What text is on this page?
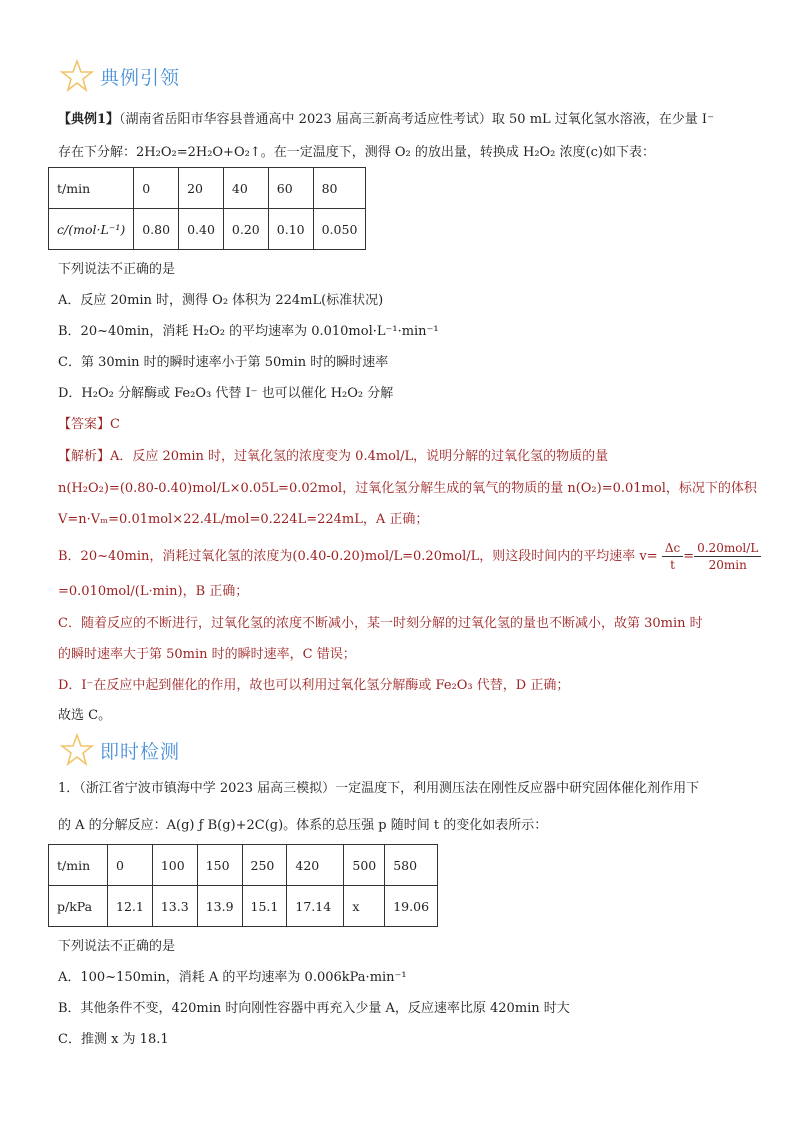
典例引领
【典例1】（湖南省岳阳市华容县普通高中 2023 届高三新高考适应性考试）取 50 mL 过氧化氢水溶液，在少量 I⁻
存在下分解：2H₂O₂=2H₂O+O₂↑。在一定温度下，测得 O₂ 的放出量，转换成 H₂O₂ 浓度(c)如下表：
t/min	0	20	40	60	80
c/(mol·L⁻¹)	0.80	0.40	0.20	0.10	0.050
下列说法不正确的是
A．反应 20min 时，测得 O₂ 体积为 224mL(标准状况)
B．20~40min，消耗 H₂O₂ 的平均速率为 0.010mol·L⁻¹·min⁻¹
C．第 30min 时的瞬时速率小于第 50min 时的瞬时速率
D．H₂O₂ 分解酶或 Fe₂O₃ 代替 I⁻ 也可以催化 H₂O₂ 分解
【答案】C
【解析】A．反应 20min 时，过氧化氢的浓度变为 0.4mol/L，说明分解的过氧化氢的物质的量
n(H₂O₂)=(0.80-0.40)mol/L×0.05L=0.02mol，过氧化氢分解生成的氧气的物质的量 n(O₂)=0.01mol，标况下的体积
V=n·Vₘ=0.01mol×22.4L/mol=0.224L=224mL，A 正确；
B．20~40min，消耗过氧化氢的浓度为(0.40-0.20)mol/L=0.20mol/L，则这段时间内的平均速率 $v= \frac{\Delta c}{t} = \frac{\text{0.20mol/L}}{20\min}$
=0.010mol/(L·min)，B 正确；
C．随着反应的不断进行，过氧化氢的浓度不断减小，某一时刻分解的过氧化氢的量也不断减小，故第 30min 时
的瞬时速率大于第 50min 时的瞬时速率，C 错误；
D．I⁻在反应中起到催化的作用，故也可以利用过氧化氢分解酶或 Fe₂O₃ 代替，D 正确；
故选 C。
即时检测
1．（浙江省宁波市镇海中学 2023 届高三模拟）一定温度下，利用测压法在刚性反应器中研究固体催化剂作用下
的 A 的分解反应：A(g) ƒ B(g)+2C(g)。体系的总压强 p 随时间 t 的变化如表所示：
t/min	0	100	150	250	420	500	580
p/kPa	12.1	13.3	13.9	15.1	17.14	x	19.06
下列说法不正确的是
A．100~150min，消耗 A 的平均速率为 0.006kPa·min⁻¹
B．其他条件不变，420min 时向刚性容器中再充入少量 A，反应速率比原 420min 时大
C．推测 x 为 18.1
